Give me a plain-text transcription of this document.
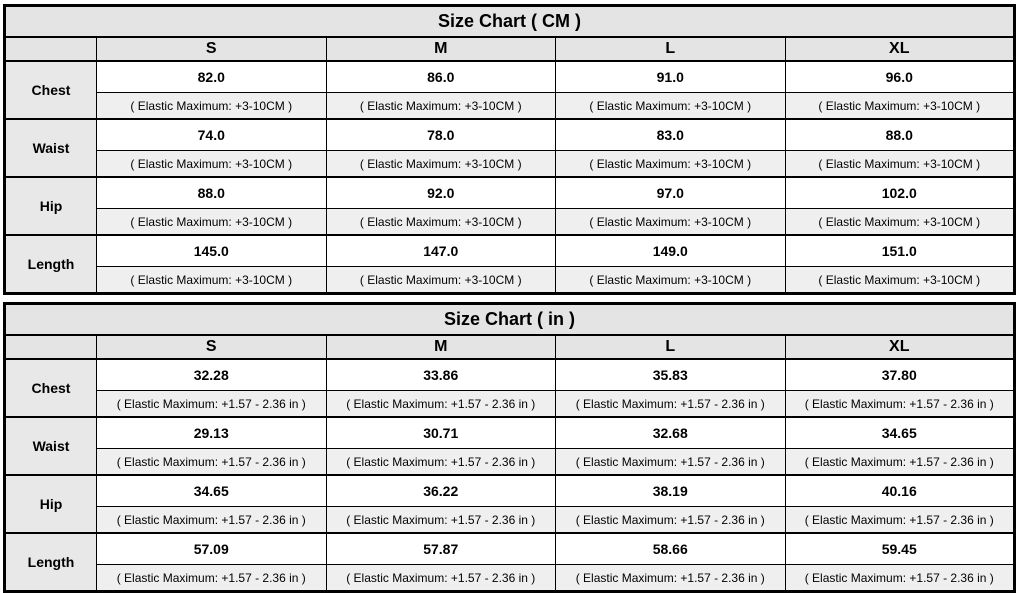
Size Chart ( CM )				
	S	M	L	XL
Chest	82.0	86.0	91.0	96.0
	( Elastic Maximum: +3-10CM )	( Elastic Maximum: +3-10CM )	( Elastic Maximum: +3-10CM )	( Elastic Maximum: +3-10CM )
Waist	74.0	78.0	83.0	88.0
	( Elastic Maximum: +3-10CM )	( Elastic Maximum: +3-10CM )	( Elastic Maximum: +3-10CM )	( Elastic Maximum: +3-10CM )
Hip	88.0	92.0	97.0	102.0
	( Elastic Maximum: +3-10CM )	( Elastic Maximum: +3-10CM )	( Elastic Maximum: +3-10CM )	( Elastic Maximum: +3-10CM )
Length	145.0	147.0	149.0	151.0
	( Elastic Maximum: +3-10CM )	( Elastic Maximum: +3-10CM )	( Elastic Maximum: +3-10CM )	( Elastic Maximum: +3-10CM )
Size Chart ( in )				
	S	M	L	XL
Chest	32.28	33.86	35.83	37.80
	( Elastic Maximum: +1.57 - 2.36 in )	( Elastic Maximum: +1.57 - 2.36 in )	( Elastic Maximum: +1.57 - 2.36 in )	( Elastic Maximum: +1.57 - 2.36 in )
Waist	29.13	30.71	32.68	34.65
	( Elastic Maximum: +1.57 - 2.36 in )	( Elastic Maximum: +1.57 - 2.36 in )	( Elastic Maximum: +1.57 - 2.36 in )	( Elastic Maximum: +1.57 - 2.36 in )
Hip	34.65	36.22	38.19	40.16
	( Elastic Maximum: +1.57 - 2.36 in )	( Elastic Maximum: +1.57 - 2.36 in )	( Elastic Maximum: +1.57 - 2.36 in )	( Elastic Maximum: +1.57 - 2.36 in )
Length	57.09	57.87	58.66	59.45
	( Elastic Maximum: +1.57 - 2.36 in )	( Elastic Maximum: +1.57 - 2.36 in )	( Elastic Maximum: +1.57 - 2.36 in )	( Elastic Maximum: +1.57 - 2.36 in )
